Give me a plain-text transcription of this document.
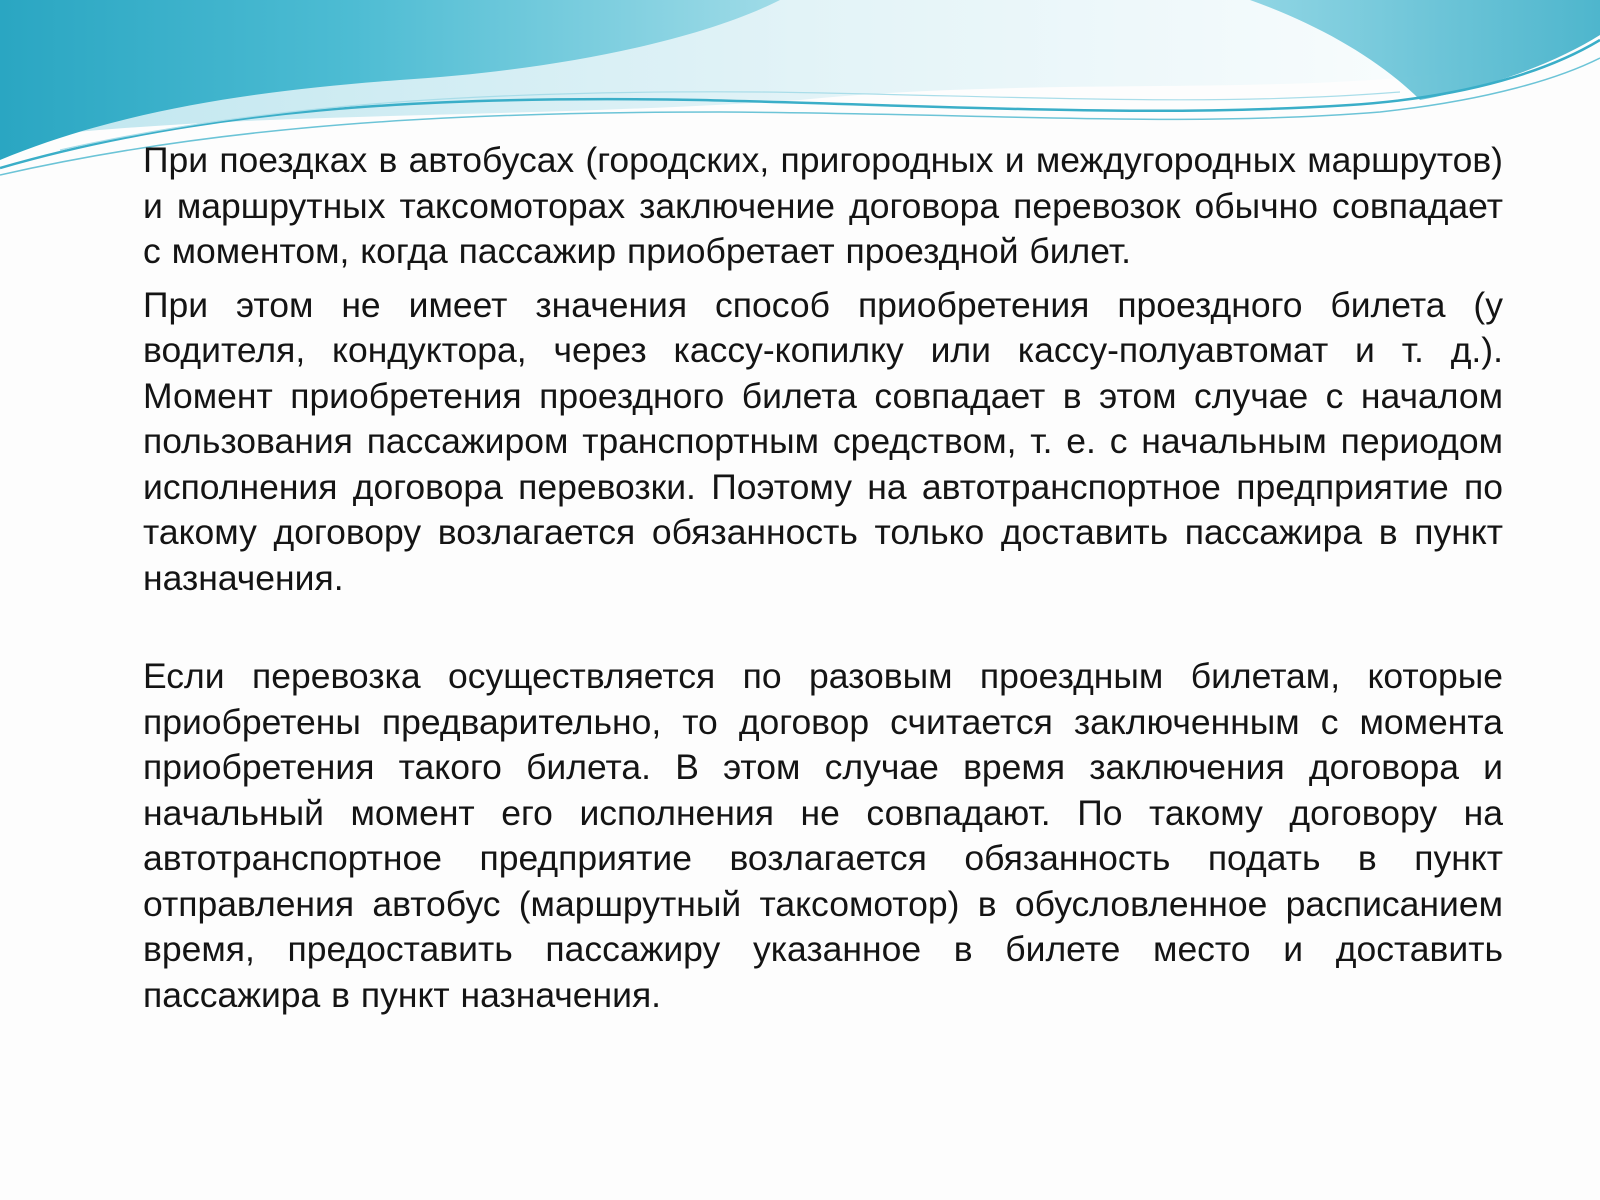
При поездках в автобусах (городских, пригородных и междугородных маршрутов) и маршрутных таксомоторах заключение договора перевозок обычно совпадает с моментом, когда пассажир приобретает проездной билет.

При этом не имеет значения способ приобретения проездного билета (у водителя, кондуктора, через кассу-копилку или кассу-полуавтомат и т. д.). Момент приобретения проездного билета совпадает в этом случае с началом пользования пассажиром транспортным средством, т. е. с начальным периодом исполнения договора перевозки. Поэтому на автотранспортное предприятие по такому договору возлагается обязанность только доставить пассажира в пункт назначения.

Если перевозка осуществляется по разовым проездным билетам, которые приобретены предварительно, то договор считается заключенным с момента приобретения такого билета. В этом случае время заключения договора и начальный момент его исполнения не совпадают. По такому договору на автотранспортное предприятие возлагается обязанность подать в пункт отправления автобус (маршрутный таксомотор) в обусловленное расписанием время, предоставить пассажиру указанное в билете место и доставить пассажира в пункт назначения.
